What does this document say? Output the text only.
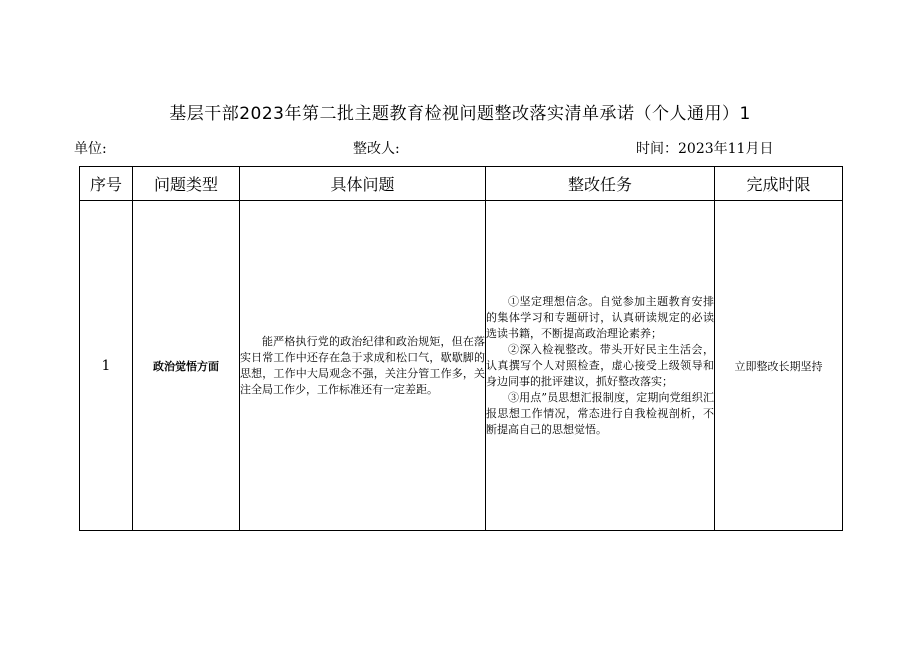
基层干部2023年第二批主题教育检视问题整改落实清单承诺（个人通用）1
单位:	整改人:	时间：2023年11月日
序号	问题类型	具体问题	整改任务	完成时限
1	政治觉悟方面	能严格执行党的政治纪律和政治规矩，但在落实日常工作中还存在急于求成和松口气，歇歇脚的思想，工作中大局观念不强，关注分管工作多，关注全局工作少，工作标准还有一定差距。	①坚定理想信念。自觉参加主题教育安排的集体学习和专题研讨，认真研读规定的必读选读书籍，不断提高政治理论素养；

②深入检视整改。带头开好民主生活会，认真撰写个人对照检查，虚心接受上级领导和身边同事的批评建议，抓好整改落实；

③用点”员思想汇报制度，定期向党组织汇报思想工作情况，常态进行自我检视剖析，不断提高自己的思想觉悟。	立即整改长期坚持
